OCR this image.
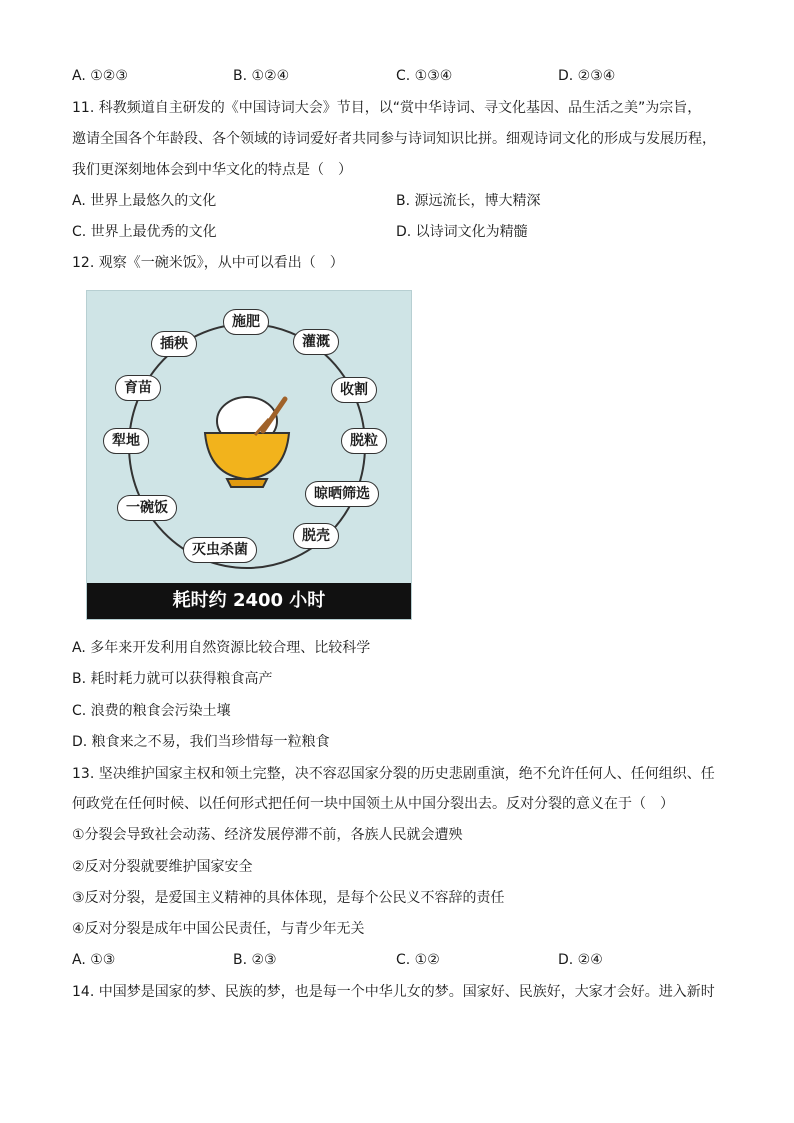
A. ①②③	B. ①②④	C. ①③④	D. ②③④
11. 科教频道自主研发的《中国诗词大会》节目，以“赏中华诗词、寻文化基因、品生活之美”为宗旨，
邀请全国各个年龄段、各个领域的诗词爱好者共同参与诗词知识比拼。细观诗词文化的形成与发展历程，
我们更深刻地体会到中华文化的特点是（　）
A. 世界上最悠久的文化	B. 源远流长，博大精深
C. 世界上最优秀的文化	D. 以诗词文化为精髓
12. 观察《一碗米饭》，从中可以看出（　）
施肥
灌溉
收割
脱粒
晾晒筛选
脱壳
灭虫杀菌
一碗饭
犁地
育苗
插秧
耗时约 2400 小时
A. 多年来开发利用自然资源比较合理、比较科学
B. 耗时耗力就可以获得粮食高产
C. 浪费的粮食会污染土壤
D. 粮食来之不易，我们当珍惜每一粒粮食
13. 坚决维护国家主权和领土完整，决不容忍国家分裂的历史悲剧重演，绝不允许任何人、任何组织、任
何政党在任何时候、以任何形式把任何一块中国领土从中国分裂出去。反对分裂的意义在于（　）
①分裂会导致社会动荡、经济发展停滞不前，各族人民就会遭殃
②反对分裂就要维护国家安全
③反对分裂，是爱国主义精神的具体体现，是每个公民义不容辞的责任
④反对分裂是成年中国公民责任，与青少年无关
A. ①③	B. ②③	C. ①②	D. ②④
14. 中国梦是国家的梦、民族的梦，也是每一个中华儿女的梦。国家好、民族好，大家才会好。进入新时
